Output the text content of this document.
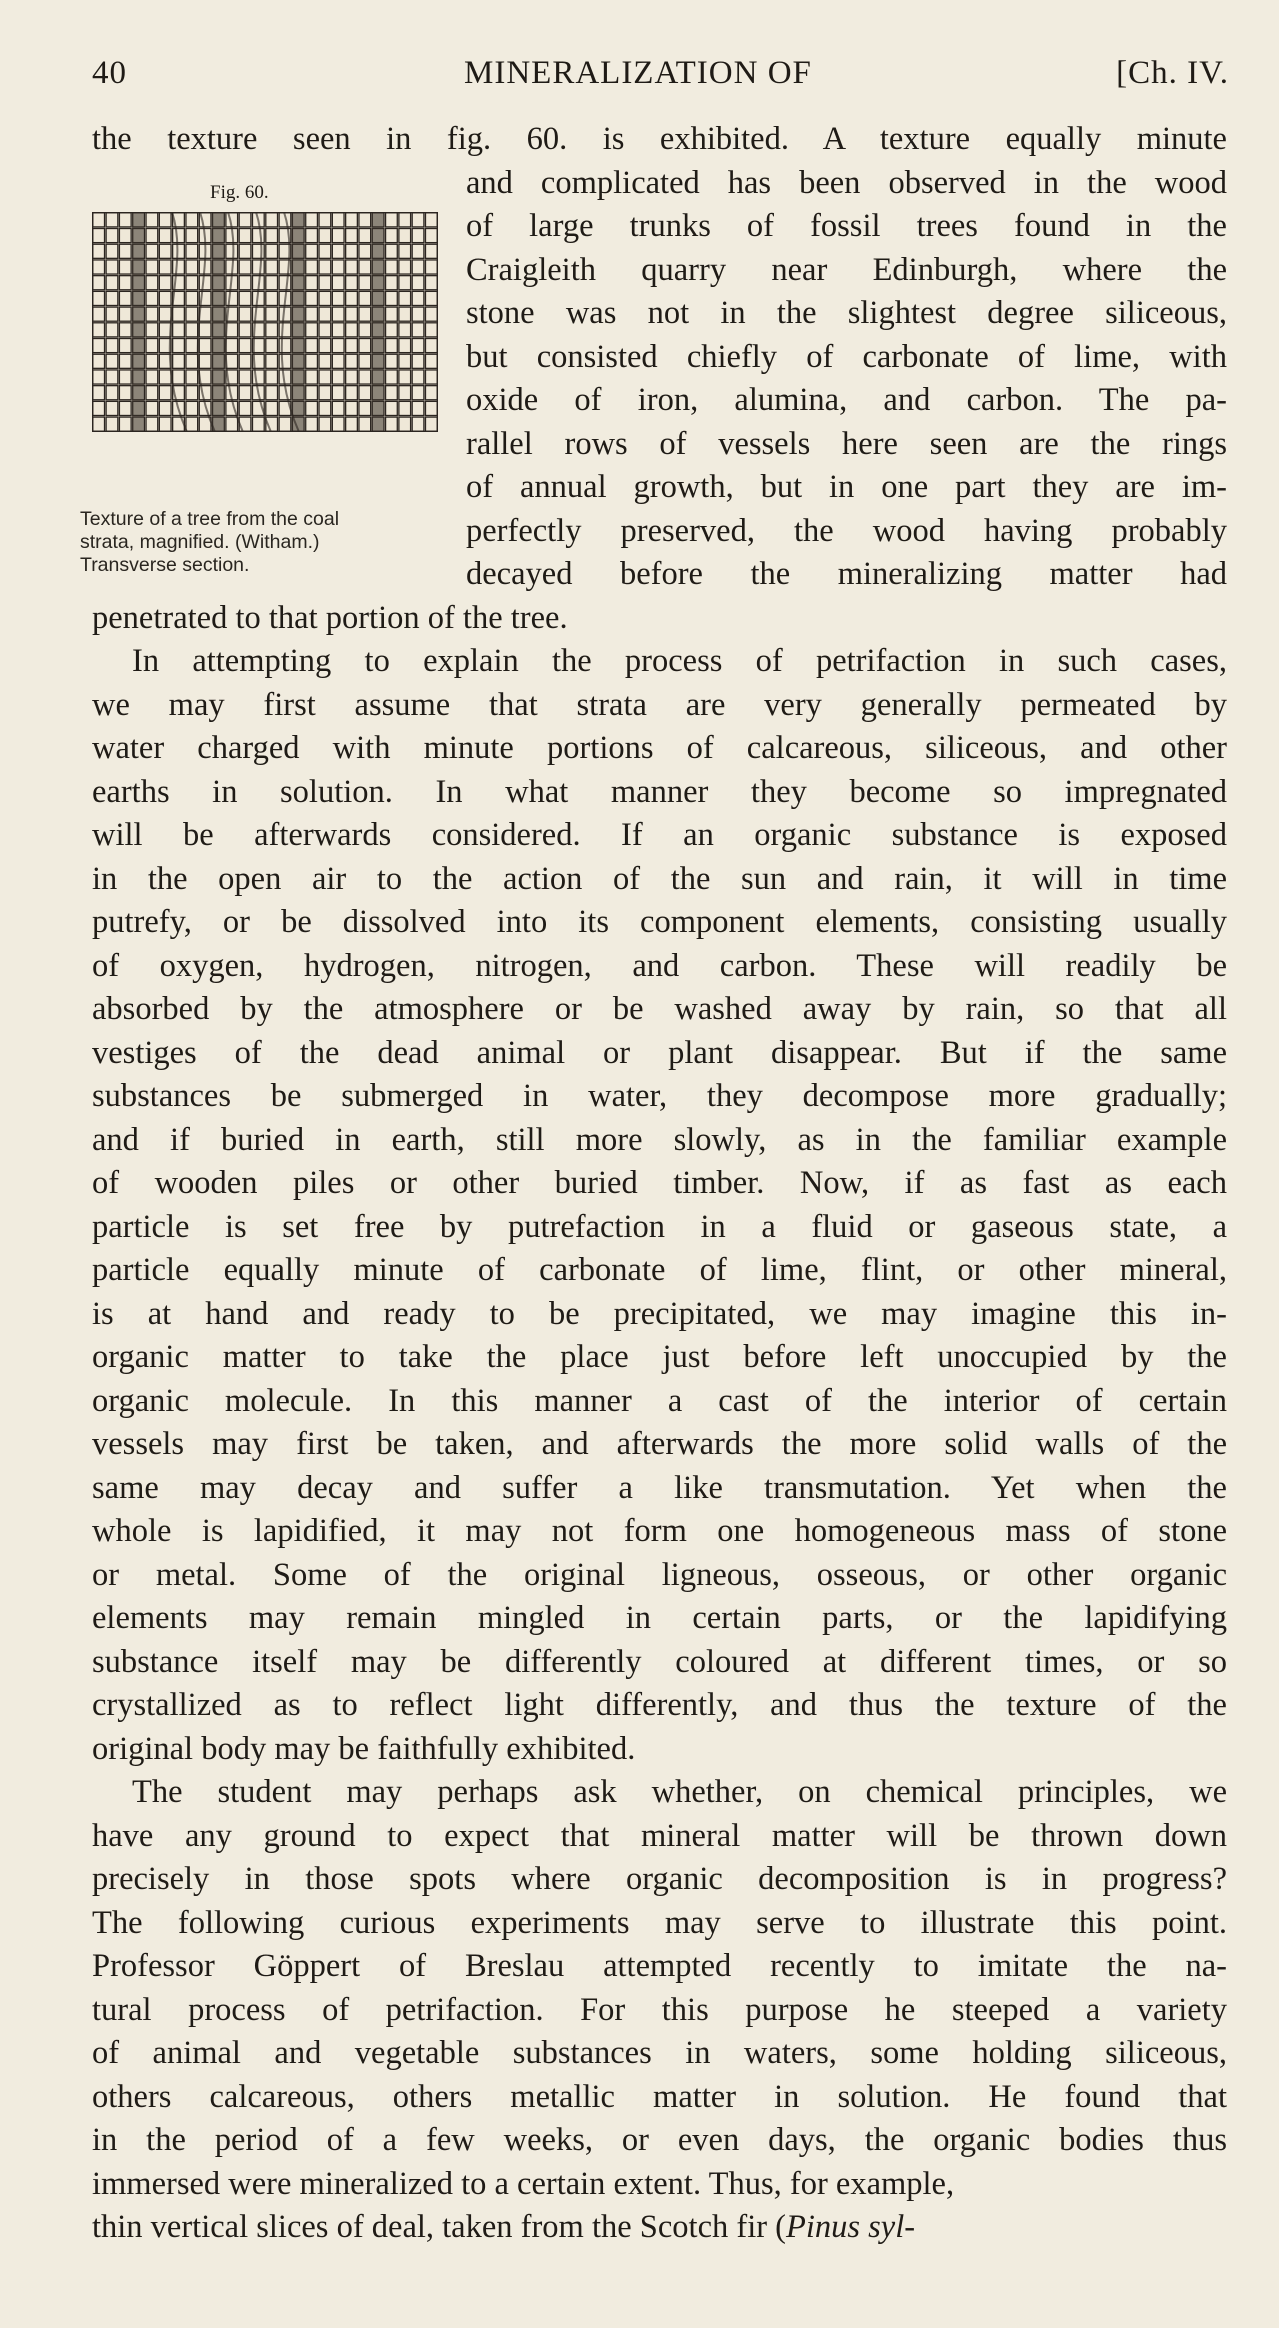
40	MINERALIZATION OF	[Ch. IV.
the texture seen in fig. 60. is exhibited. A texture equally minute
Fig. 60.
Texture of a tree from the coal
strata, magnified. (Witham.)
Transverse section.
and complicated has been observed in the wood
of large trunks of fossil trees found in the
Craigleith quarry near Edinburgh, where the
stone was not in the slightest degree siliceous,
but consisted chiefly of carbonate of lime, with
oxide of iron, alumina, and carbon. The pa-
rallel rows of vessels here seen are the rings
of annual growth, but in one part they are im-
perfectly preserved, the wood having probably
decayed before the mineralizing matter had
penetrated to that portion of the tree.
In attempting to explain the process of petrifaction in such cases,
we may first assume that strata are very generally permeated by
water charged with minute portions of calcareous, siliceous, and other
earths in solution. In what manner they become so impregnated
will be afterwards considered. If an organic substance is exposed
in the open air to the action of the sun and rain, it will in time
putrefy, or be dissolved into its component elements, consisting usually
of oxygen, hydrogen, nitrogen, and carbon. These will readily be
absorbed by the atmosphere or be washed away by rain, so that all
vestiges of the dead animal or plant disappear. But if the same
substances be submerged in water, they decompose more gradually;
and if buried in earth, still more slowly, as in the familiar example
of wooden piles or other buried timber. Now, if as fast as each
particle is set free by putrefaction in a fluid or gaseous state, a
particle equally minute of carbonate of lime, flint, or other mineral,
is at hand and ready to be precipitated, we may imagine this in-
organic matter to take the place just before left unoccupied by the
organic molecule. In this manner a cast of the interior of certain
vessels may first be taken, and afterwards the more solid walls of the
same may decay and suffer a like transmutation. Yet when the
whole is lapidified, it may not form one homogeneous mass of stone
or metal. Some of the original ligneous, osseous, or other organic
elements may remain mingled in certain parts, or the lapidifying
substance itself may be differently coloured at different times, or so
crystallized as to reflect light differently, and thus the texture of the
original body may be faithfully exhibited.
The student may perhaps ask whether, on chemical principles, we
have any ground to expect that mineral matter will be thrown down
precisely in those spots where organic decomposition is in progress?
The following curious experiments may serve to illustrate this point.
Professor Göppert of Breslau attempted recently to imitate the na-
tural process of petrifaction. For this purpose he steeped a variety
of animal and vegetable substances in waters, some holding siliceous,
others calcareous, others metallic matter in solution. He found that
in the period of a few weeks, or even days, the organic bodies thus
immersed were mineralized to a certain extent. Thus, for example,
thin vertical slices of deal, taken from the Scotch fir (Pinus syl-
